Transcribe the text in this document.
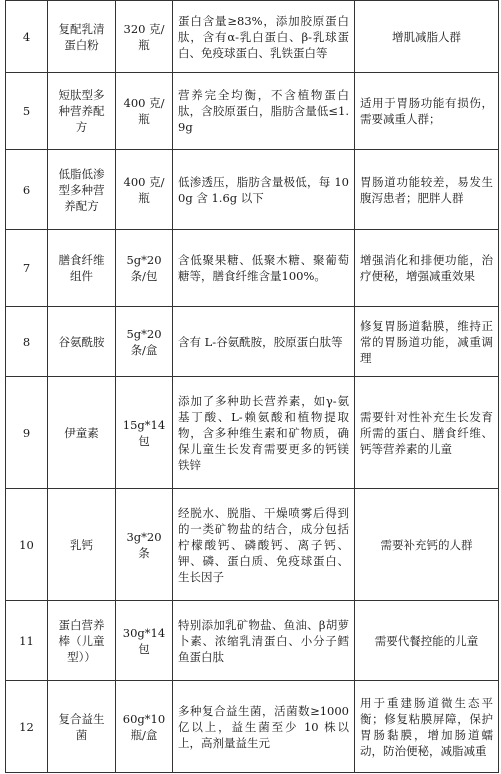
4	复配乳清蛋白粉	320 克/瓶	蛋白含量≥83%，添加胶原蛋白肽，含有α-乳白蛋白、β-乳球蛋白、免疫球蛋白、乳铁蛋白等	增肌减脂人群
5	短肽型多种营养配方	400 克/瓶	营养完全均衡，不含植物蛋白肽，含胶原蛋白，脂肪含量低≤1.9g	适用于胃肠功能有损伤，需要减重人群；
6	低脂低渗型多种营养配方	400 克/瓶	低渗透压，脂肪含量极低，每 100g 含 1.6g 以下	胃肠道功能较差，易发生腹泻患者；肥胖人群
7	膳食纤维组件	5g*20条/包	含低聚果糖、低聚木糖、聚葡萄糖等，膳食纤维含量100%。	增强消化和排便功能，治疗便秘，增强减重效果
8	谷氨酰胺	5g*20条/盒	含有 L-谷氨酰胺，胶原蛋白肽等	修复胃肠道黏膜，维持正常的胃肠道功能，减重调理
9	伊童素	15g*14包	添加了多种助长营养素，如γ-氨基丁酸、L-赖氨酸和植物提取物，含多种维生素和矿物质，确保儿童生长发育需要更多的钙镁铁锌	需要针对性补充生长发育所需的蛋白、膳食纤维、钙等营养素的儿童
10	乳钙	3g*20条	经脱水、脱脂、干燥喷雾后得到的一类矿物盐的结合，成分包括柠檬酸钙、磷酸钙、离子钙、钾、磷、蛋白质、免疫球蛋白、生长因子	需要补充钙的人群
11	蛋白营养棒（儿童型））	30g*14包	特别添加乳矿物盐、鱼油、β胡萝卜素、浓缩乳清蛋白、小分子鳕鱼蛋白肽	需要代餐控能的儿童
12	复合益生菌	60g*10瓶/盒	多种复合益生菌，活菌数≥1000 亿以上，益生菌至少 10 株以上，高剂量益生元	用于重建肠道微生态平衡；修复粘膜屏障，保护胃肠黏膜，增加肠道蠕动，防治便秘，减脂减重
